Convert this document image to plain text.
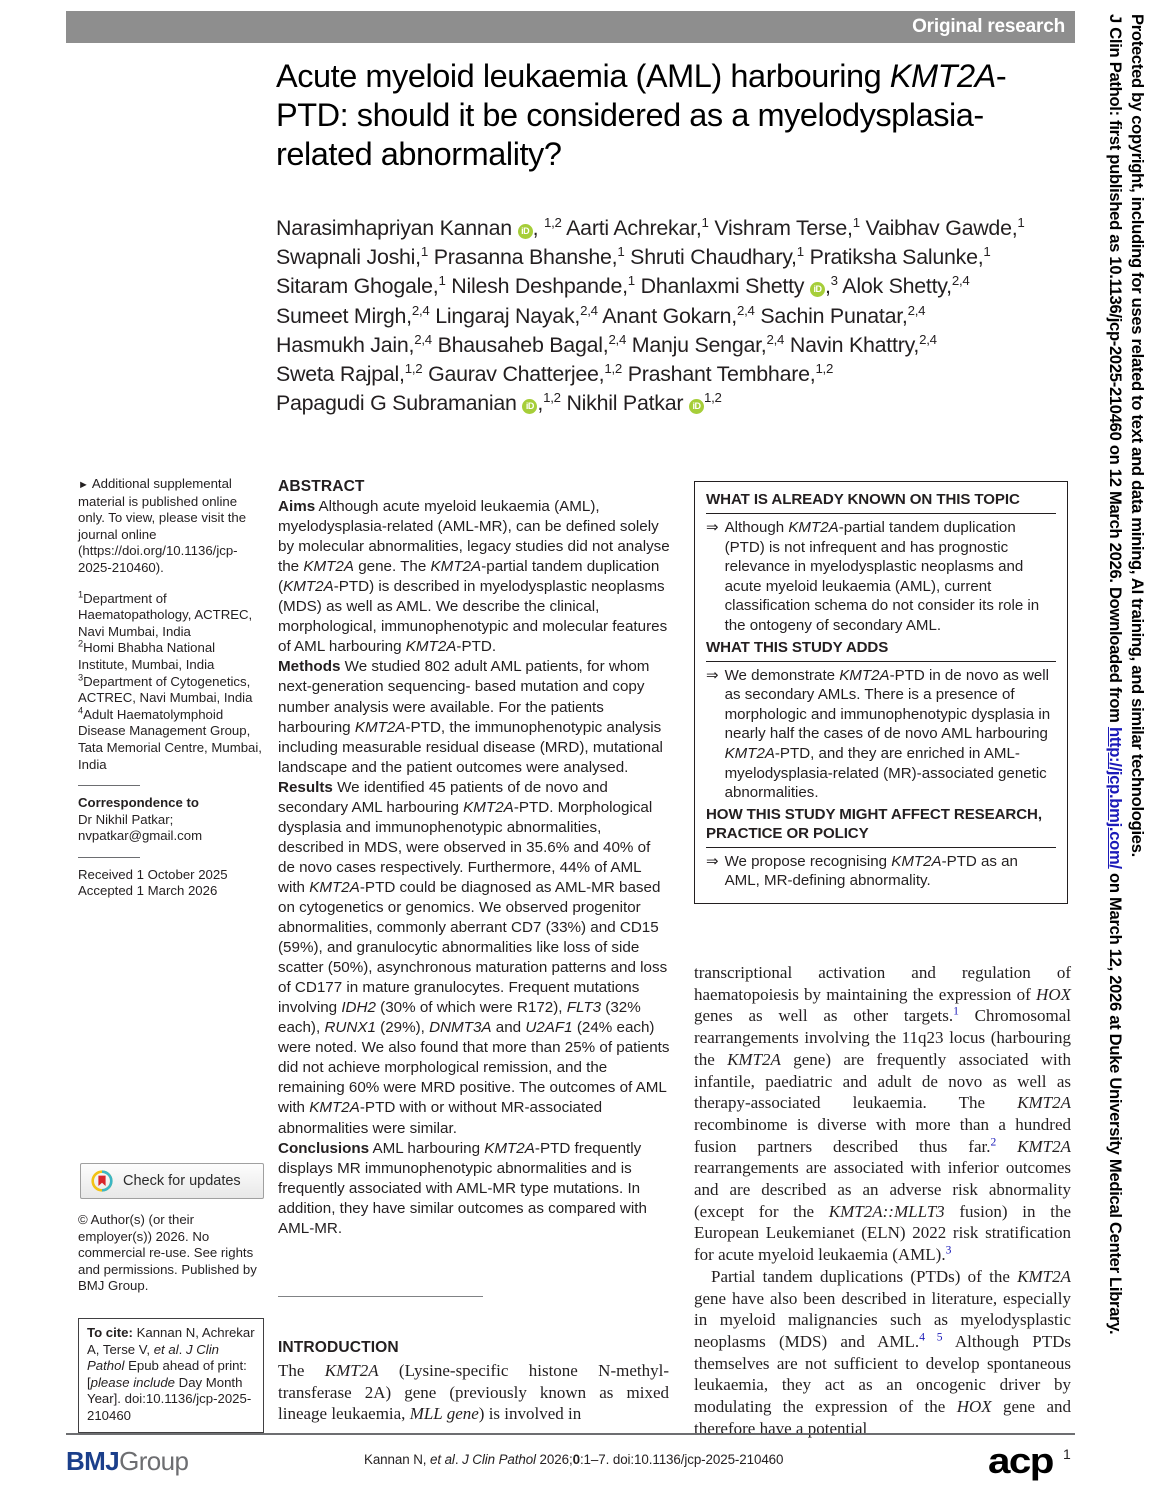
Original research
Acute myeloid leukaemia (AML) harbouring KMT2A-PTD: should it be considered as a myelodysplasia-related abnormality?
Narasimhapriyan Kannan iD , $^{1,2}$ Aarti Achrekar,$^1$ Vishram Terse,$^1$ Vaibhav Gawde,$^1$
Swapnali Joshi,$^1$ Prasanna Bhanshe,$^1$ Shruti Chaudhary,$^1$ Pratiksha Salunke,$^1$
Sitaram Ghogale,$^1$ Nilesh Deshpande,$^1$ Dhanlaxmi Shetty iD ,$^3$ Alok Shetty,$^{2,4}$
Sumeet Mirgh,$^{2,4}$ Lingaraj Nayak,$^{2,4}$ Anant Gokarn,$^{2,4}$ Sachin Punatar,$^{2,4}$
Hasmukh Jain,$^{2,4}$ Bhausaheb Bagal,$^{2,4}$ Manju Sengar,$^{2,4}$ Navin Khattry,$^{2,4}$
Sweta Rajpal,$^{1,2}$ Gaurav Chatterjee,$^{1,2}$ Prashant Tembhare,$^{1,2}$
Papagudi G Subramanian iD ,$^{1,2}$ Nikhil Patkar iD$^{1,2}$

► Additional supplemental material is published online only. To view, please visit the journal online (https://doi.org/10.1136/jcp-2025-210460).

$^1$Department of Haematopathology, ACTREC, Navi Mumbai, India

$^2$Homi Bhabha National Institute, Mumbai, India

$^3$Department of Cytogenetics, ACTREC, Navi Mumbai, India

$^4$Adult Haematolymphoid Disease Management Group, Tata Memorial Centre, Mumbai, India

Correspondence to

Dr Nikhil Patkar; nvpatkar@gmail.com

Received 1 October 2025

Accepted 1 March 2026

Check for updates
© Author(s) (or their employer(s)) 2026. No commercial re-use. See rights and permissions. Published by BMJ Group.
To cite: Kannan N, Achrekar A, Terse V, et al. J Clin Pathol Epub ahead of print: [please include Day Month Year]. doi:10.1136/jcp-2025-210460
ABSTRACT

Aims Although acute myeloid leukaemia (AML), myelodysplasia-related (AML-MR), can be defined solely by molecular abnormalities, legacy studies did not analyse the KMT2A gene. The KMT2A-partial tandem duplication (KMT2A-PTD) is described in myelodysplastic neoplasms (MDS) as well as AML. We describe the clinical, morphological, immunophenotypic and molecular features of AML harbouring KMT2A-PTD.

Methods We studied 802 adult AML patients, for whom next-generation sequencing- based mutation and copy number analysis were available. For the patients harbouring KMT2A-PTD, the immunophenotypic analysis including measurable residual disease (MRD), mutational landscape and the patient outcomes were analysed.

Results We identified 45 patients of de novo and secondary AML harbouring KMT2A-PTD. Morphological dysplasia and immunophenotypic abnormalities, described in MDS, were observed in 35.6% and 40% of de novo cases respectively. Furthermore, 44% of AML with KMT2A-PTD could be diagnosed as AML-MR based on cytogenetics or genomics. We observed progenitor abnormalities, commonly aberrant CD7 (33%) and CD15 (59%), and granulocytic abnormalities like loss of side scatter (50%), asynchronous maturation patterns and loss of CD177 in mature granulocytes. Frequent mutations involving IDH2 (30% of which were R172), FLT3 (32% each), RUNX1 (29%), DNMT3A and U2AF1 (24% each) were noted. We also found that more than 25% of patients did not achieve morphological remission, and the remaining 60% were MRD positive. The outcomes of AML with KMT2A-PTD with or without MR-associated abnormalities were similar.

Conclusions AML harbouring KMT2A-PTD frequently displays MR immunophenotypic abnormalities and is frequently associated with AML-MR type mutations. In addition, they have similar outcomes as compared with AML-MR.

WHAT IS ALREADY KNOWN ON THIS TOPIC
⇒ Although KMT2A-partial tandem duplication (PTD) is not infrequent and has prognostic relevance in myelodysplastic neoplasms and acute myeloid leukaemia (AML), current classification schema do not consider its role in the ontogeny of secondary AML.
WHAT THIS STUDY ADDS
⇒ We demonstrate KMT2A-PTD in de novo as well as secondary AMLs. There is a presence of morphologic and immunophenotypic dysplasia in nearly half the cases of de novo AML harbouring KMT2A-PTD, and they are enriched in AML-myelodysplasia-related (MR)-associated genetic abnormalities.
HOW THIS STUDY MIGHT AFFECT RESEARCH, PRACTICE OR POLICY
⇒ We propose recognising KMT2A-PTD as an AML, MR-defining abnormality.
INTRODUCTION
The KMT2A (Lysine-specific histone N-methyl-transferase 2A) gene (previously known as mixed lineage leukaemia, MLL gene) is involved in

transcriptional activation and regulation of haematopoiesis by maintaining the expression of HOX genes as well as other targets.$^1$ Chromosomal rearrangements involving the 11q23 locus (harbouring the KMT2A gene) are frequently associated with infantile, paediatric and adult de novo as well as therapy-associated leukaemia. The KMT2A recombinome is diverse with more than a hundred fusion partners described thus far.$^2$ KMT2A rearrangements are associated with inferior outcomes and are described as an adverse risk abnormality (except for the KMT2A::MLLT3 fusion) in the European Leukemianet (ELN) 2022 risk stratification for acute myeloid leukaemia (AML).$^3$

Partial tandem duplications (PTDs) of the KMT2A gene have also been described in literature, especially in myeloid malignancies such as myelodysplastic neoplasms (MDS) and AML.$^{4 5}$ Although PTDs themselves are not sufficient to develop spontaneous leukaemia, they act as an oncogenic driver by modulating the expression of the HOX gene and therefore have a potential

BMJGroup	Kannan N, et al. J Clin Pathol 2026;0:1–7. doi:10.1136/jcp-2025-210460	acp 1
J Clin Pathol: first published as 10.1136/jcp-2025-210460 on 12 March 2026. Downloaded from http://jcp.bmj.com/ on March 12, 2026 at Duke University Medical Center Library.
Protected by copyright, including for uses related to text and data mining, AI training, and similar technologies.
